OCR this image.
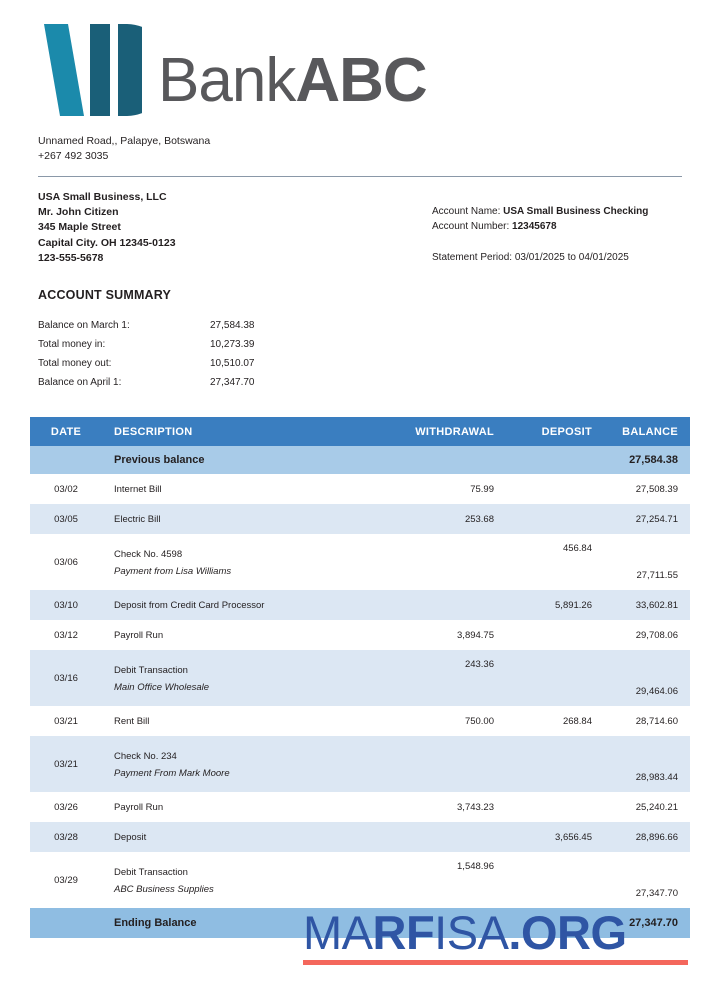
BankABC
Unnamed Road,, Palapye, Botswana
+267 492 3035
USA Small Business, LLC
Mr. John Citizen
345 Maple Street
Capital City. OH 12345-0123
123-555-5678
Account Name: USA Small Business Checking
Account Number: 12345678
Statement Period: 03/01/2025 to 04/01/2025
ACCOUNT SUMMARY
Balance on March 1:	27,584.38
Total money in:	10,273.39
Total money out:	10,510.07
Balance on April 1:	27,347.70
DATE	DESCRIPTION	WITHDRAWAL	DEPOSIT	BALANCE
	Previous balance			27,584.38
03/02	Internet Bill	75.99		27,508.39
03/05	Electric Bill	253.68		27,254.71
03/06	Check No. 4598
Payment from Lisa Williams		456.84	27,711.55
03/10	Deposit from Credit Card Processor		5,891.26	33,602.81
03/12	Payroll Run	3,894.75		29,708.06
03/16	Debit Transaction
Main Office Wholesale	243.36		29,464.06
03/21	Rent Bill	750.00	268.84	28,714.60
03/21	Check No. 234
Payment From Mark Moore			28,983.44
03/26	Payroll Run	3,743.23		25,240.21
03/28	Deposit		3,656.45	28,896.66
03/29	Debit Transaction
ABC Business Supplies	1,548.96		27,347.70
	Ending Balance			27,347.70
MARFISA.ORG
